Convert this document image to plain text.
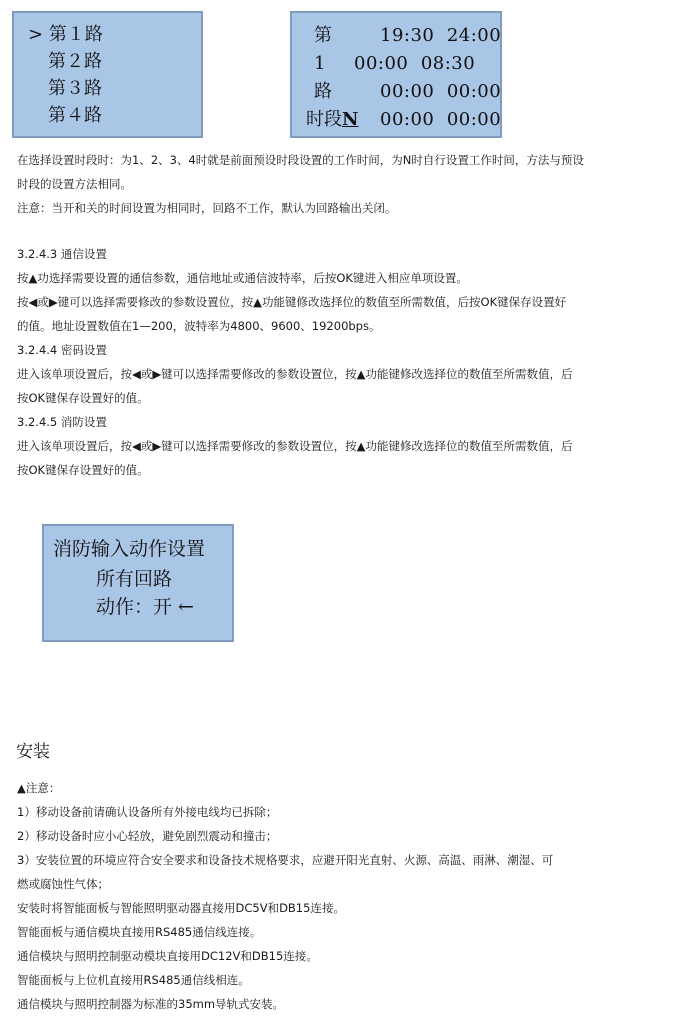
> 第１路
第２路
第３路
第４路
第	19:30  24:00
1 00:00  08:30
路	00:00  00:00
时段N 00:00  00:00
在选择设置时段时：为1、2、3、4时就是前面预设时段设置的工作时间，为N时自行设置工作时间，方法与预设
时段的设置方法相同。
注意：当开和关的时间设置为相同时，回路不工作，默认为回路输出关闭。
3.2.4.3 通信设置
按▲功选择需要设置的通信参数，通信地址或通信波特率，后按OK键进入相应单项设置。
按◀或▶键可以选择需要修改的参数设置位，按▲功能键修改选择位的数值至所需数值，后按OK键保存设置好
的值。地址设置数值在1—200，波特率为4800、9600、19200bps。
3.2.4.4 密码设置
进入该单项设置后，按◀或▶键可以选择需要修改的参数设置位，按▲功能键修改选择位的数值至所需数值，后
按OK键保存设置好的值。
3.2.4.5 消防设置
进入该单项设置后，按◀或▶键可以选择需要修改的参数设置位，按▲功能键修改选择位的数值至所需数值，后
按OK键保存设置好的值。
消防输入动作设置
所有回路
动作：开 ←
安装
▲注意：
1）移动设备前请确认设备所有外接电线均已拆除；
2）移动设备时应小心轻放，避免剧烈震动和撞击；
3）安装位置的环境应符合安全要求和设备技术规格要求，应避开阳光直射、火源、高温、雨淋、潮湿、可
燃或腐蚀性气体；
安装时将智能面板与智能照明驱动器直接用DC5V和DB15连接。
智能面板与通信模块直接用RS485通信线连接。
通信模块与照明控制驱动模块直接用DC12V和DB15连接。
智能面板与上位机直接用RS485通信线相连。
通信模块与照明控制器为标准的35mm导轨式安装。
